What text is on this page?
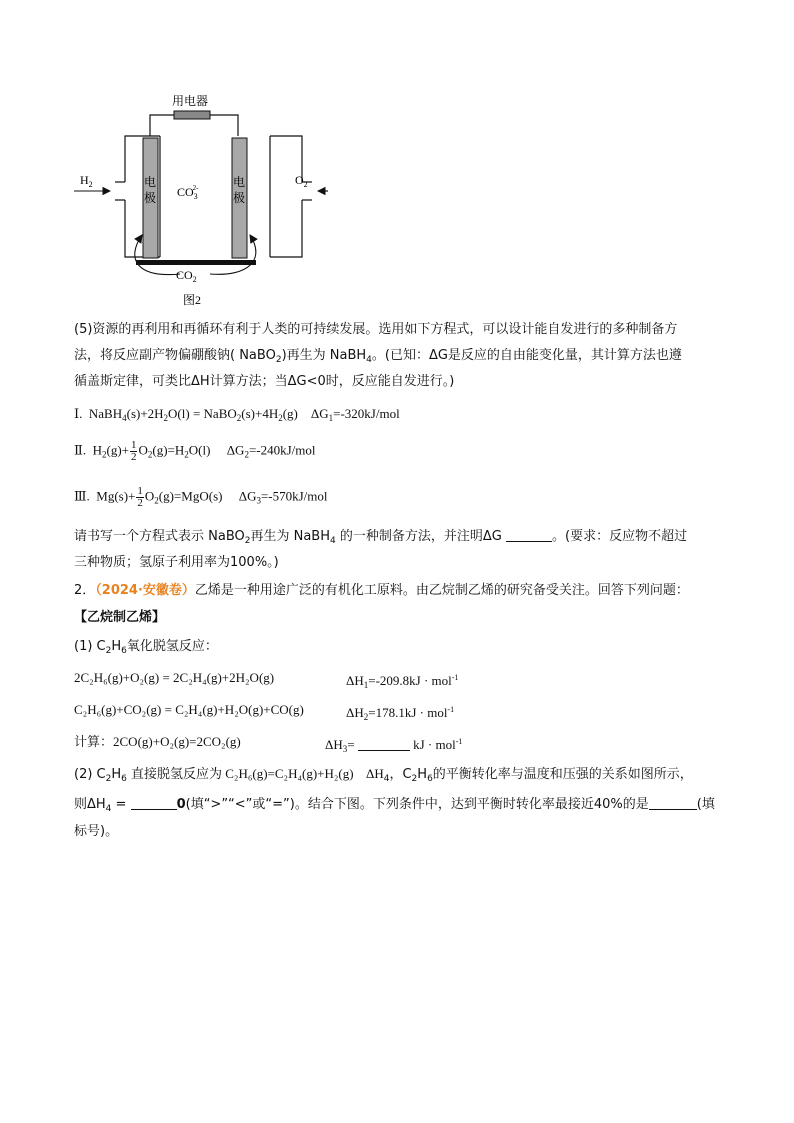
用电器
电
极
电
极
$CO_32-$
$CO_2$
$H_2$	$O_2$
图2
(5)资源的再利用和再循环有利于人类的可持续发展。选用如下方程式，可以设计能自发进行的多种制备方
法，将反应副产物偏硼酸钠( NaBO$_2$)再生为 NaBH$_4$。(已知：ΔG是反应的自由能变化量，其计算方法也遵
循盖斯定律，可类比ΔH计算方法；当ΔG<0时，反应能自发进行。)
Ⅰ. $NaBH_4(s)+2H_2O(l)$ = $NaBO_2(s)+4H_2(g)$ $\Delta G_1=-320kJ$/mol
Ⅱ. $H_2(g)+ \frac{1}{2} O_2(g)=H_2O(l)$ $\Delta G_2=-240kJ$/mol
Ⅲ. $Mg(s)+ \frac{1}{2} O_2(g)=MgO(s)$ $\Delta G_3=-570kJ$/mol
请书写一个方程式表示 NaBO$_2$再生为 NaBH$_4$ 的一种制备方法，并注明ΔG	。(要求：反应物不超过
三种物质；氢原子利用率为100%。)
2．（2024·安徽卷）乙烯是一种用途广泛的有机化工原料。由乙烷制乙烯的研究备受关注。回答下列问题：
【乙烷制乙烯】
(1) $C_2H_6$氧化脱氢反应：
2C₂H₆(g)+O₂(g) = 2C₂H₄(g)+2H₂O(g)	$\Delta H_1=-209.8kJ \cdot mol^{-1}$
C₂H₆(g)+CO₂(g) = C₂H₄(g)+H₂O(g)+CO(g)	$\Delta H_2=178.1kJ \cdot mol^{-1}$
计算：2CO(g)+O₂(g)=2CO₂(g)	$\Delta H_3=$	kJ · mol$^{-1}$
(2) $C_2H_6$ 直接脱氢反应为 C₂H₆(g)=C₂H₄(g)+H₂(g) $\Delta H_4$，$C_2H_6$的平衡转化率与温度和压强的关系如图所示，
则$\Delta H_4$ =	0(填“>”“<”或“=”)。结合下图。下列条件中，达到平衡时转化率最接近40%的是	(填
标号)。
